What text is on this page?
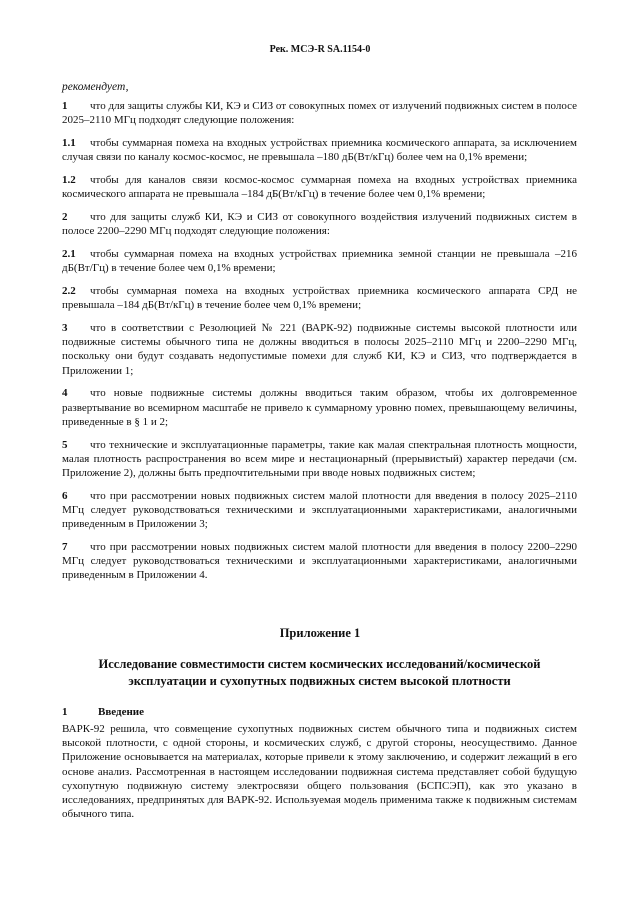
Рек. МСЭ-R SA.1154-0
рекомендует,

1 что для защиты службы КИ, КЭ и СИЗ от совокупных помех от излучений подвижных систем в полосе 2025–2110 МГц подходят следующие положения:

1.1 чтобы суммарная помеха на входных устройствах приемника космического аппарата, за исключением случая связи по каналу космос-космос, не превышала –180 дБ(Вт/кГц) более чем на 0,1% времени;

1.2 чтобы для каналов связи космос-космос суммарная помеха на входных устройствах приемника космического аппарата не превышала –184 дБ(Вт/кГц) в течение более чем 0,1% времени;

2 что для защиты служб КИ, КЭ и СИЗ от совокупного воздействия излучений подвижных систем в полосе 2200–2290 МГц подходят следующие положения:

2.1 чтобы суммарная помеха на входных устройствах приемника земной станции не превышала –216 дБ(Вт/Гц) в течение более чем 0,1% времени;

2.2 чтобы суммарная помеха на входных устройствах приемника космического аппарата СРД не превышала –184 дБ(Вт/кГц) в течение более чем 0,1% времени;

3 что в соответствии с Резолюцией № 221 (ВАРК-92) подвижные системы высокой плотности или подвижные системы обычного типа не должны вводиться в полосы 2025–2110 МГц и 2200–2290 МГц, поскольку они будут создавать недопустимые помехи для служб КИ, КЭ и СИЗ, что подтверждается в Приложении 1;

4 что новые подвижные системы должны вводиться таким образом, чтобы их долговременное развертывание во всемирном масштабе не привело к суммарному уровню помех, превышающему величины, приведенные в § 1 и 2;

5 что технические и эксплуатационные параметры, такие как малая спектральная плотность мощности, малая плотность распространения во всем мире и нестационарный (прерывистый) характер передачи (см. Приложение 2), должны быть предпочтительными при вводе новых подвижных систем;

6 что при рассмотрении новых подвижных систем малой плотности для введения в полосу 2025–2110 МГц следует руководствоваться техническими и эксплуатационными характеристиками, аналогичными приведенным в Приложении 3;

7 что при рассмотрении новых подвижных систем малой плотности для введения в полосу 2200–2290 МГц следует руководствоваться техническими и эксплуатационными характеристиками, аналогичными приведенным в Приложении 4.

Приложение 1
Исследование совместимости систем космических исследований/космической эксплуатации и сухопутных подвижных систем высокой плотности
1	Введение
ВАРК-92 решила, что совмещение сухопутных подвижных систем обычного типа и подвижных систем высокой плотности, с одной стороны, и космических служб, с другой стороны, неосуществимо. Данное Приложение основывается на материалах, которые привели к этому заключению, и содержит лежащий в его основе анализ. Рассмотренная в настоящем исследовании подвижная система представляет собой будущую сухопутную подвижную систему электросвязи общего пользования (БСПСЭП), как это указано в исследованиях, предпринятых для ВАРК-92. Используемая модель применима также к подвижным системам обычного типа.
